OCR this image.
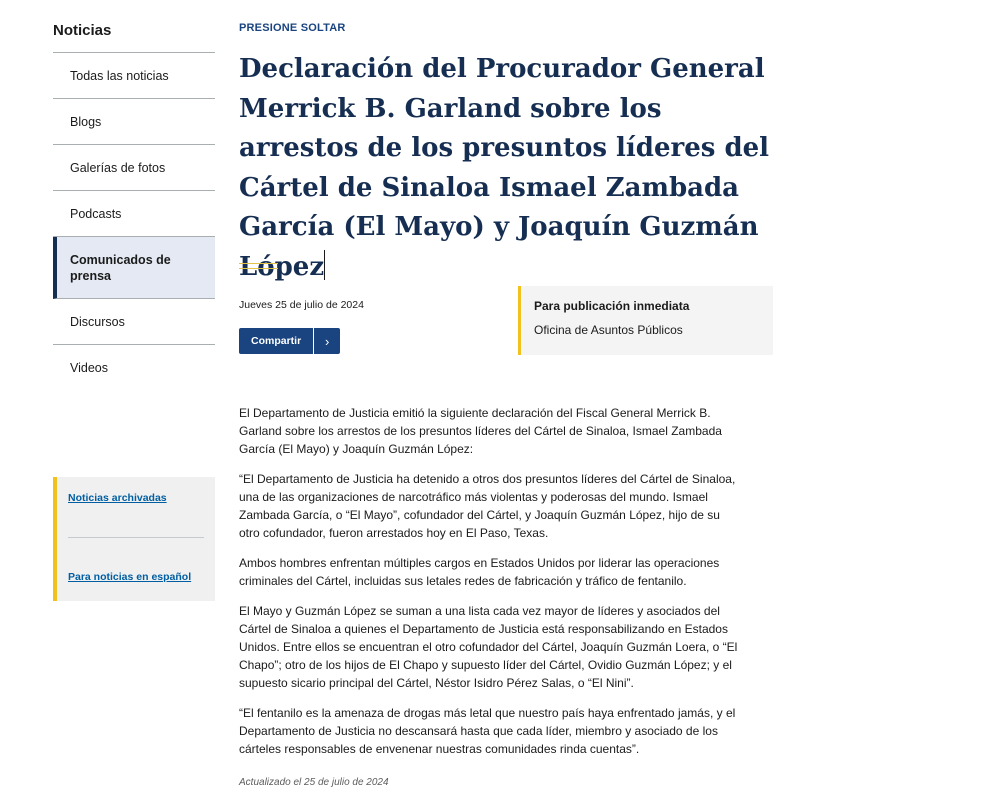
Noticias
Todas las noticias
Blogs
Galerías de fotos
Podcasts
Comunicados de prensa
Discursos
Videos
Noticias archivadas
Para noticias en español
PRESIONE SOLTAR
Declaración del Procurador General Merrick B. Garland sobre los arrestos de los presuntos líderes del Cártel de Sinaloa Ismael Zambada García (El Mayo) y Joaquín Guzmán López
Jueves 25 de julio de 2024
Compartir	›
Para publicación inmediata
Oficina de Asuntos Públicos

El Departamento de Justicia emitió la siguiente declaración del Fiscal General Merrick B. Garland sobre los arrestos de los presuntos líderes del Cártel de Sinaloa, Ismael Zambada García (El Mayo) y Joaquín Guzmán López:

“El Departamento de Justicia ha detenido a otros dos presuntos líderes del Cártel de Sinaloa, una de las organizaciones de narcotráfico más violentas y poderosas del mundo. Ismael Zambada García, o “El Mayo”, cofundador del Cártel, y Joaquín Guzmán López, hijo de su otro cofundador, fueron arrestados hoy en El Paso, Texas.

Ambos hombres enfrentan múltiples cargos en Estados Unidos por liderar las operaciones criminales del Cártel, incluidas sus letales redes de fabricación y tráfico de fentanilo.

El Mayo y Guzmán López se suman a una lista cada vez mayor de líderes y asociados del Cártel de Sinaloa a quienes el Departamento de Justicia está responsabilizando en Estados Unidos. Entre ellos se encuentran el otro cofundador del Cártel, Joaquín Guzmán Loera, o “El Chapo”; otro de los hijos de El Chapo y supuesto líder del Cártel, Ovidio Guzmán López; y el supuesto sicario principal del Cártel, Néstor Isidro Pérez Salas, o “El Nini”.

“El fentanilo es la amenaza de drogas más letal que nuestro país haya enfrentado jamás, y el Departamento de Justicia no descansará hasta que cada líder, miembro y asociado de los cárteles responsables de envenenar nuestras comunidades rinda cuentas”.

Actualizado el 25 de julio de 2024
